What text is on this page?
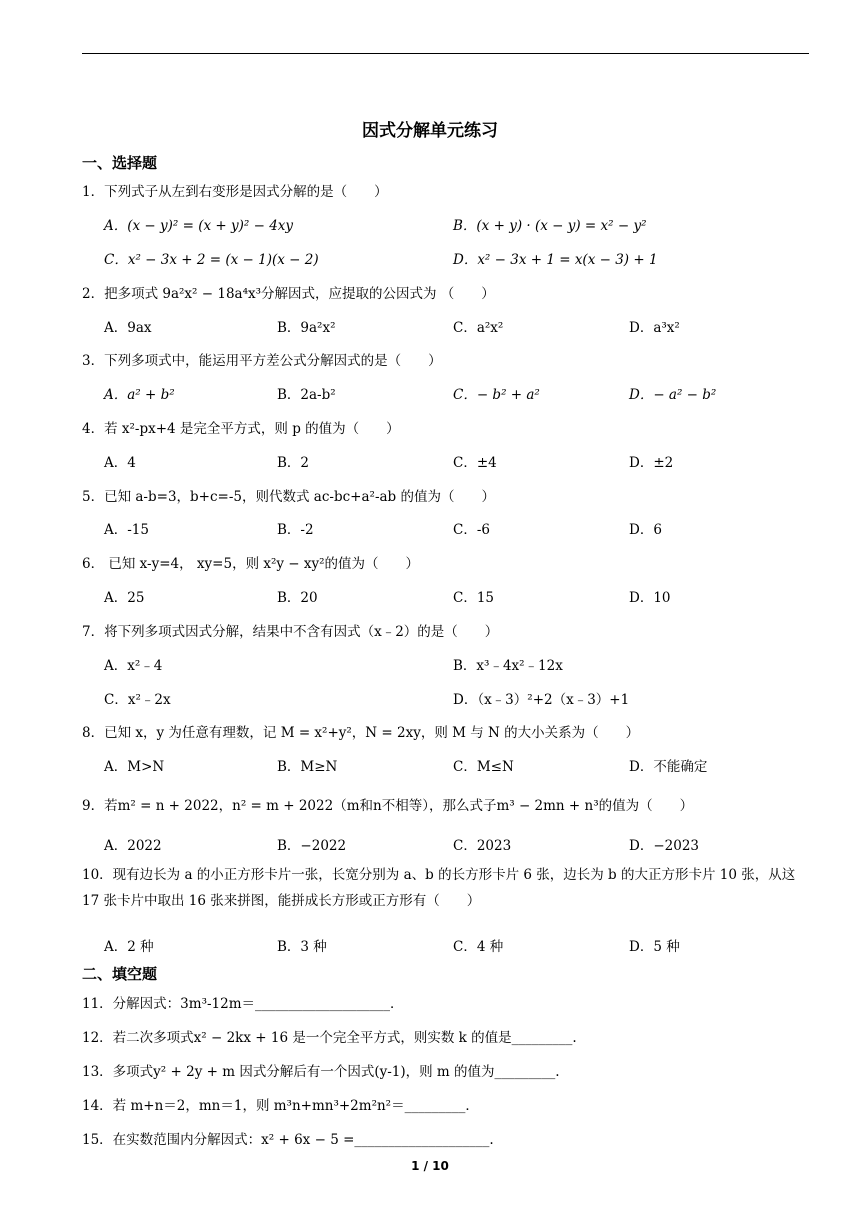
因式分解单元练习
一、选择题
1．下列式子从左到右变形是因式分解的是（　　）
A．(x − y)² = (x + y)² − 4xy	B．(x + y) · (x − y) = x² − y²
C．x² − 3x + 2 = (x − 1)(x − 2)	D．x² − 3x + 1 = x(x − 3) + 1
2．把多项式 9a²x² − 18a⁴x³分解因式，应提取的公因式为 （　　）
A．9ax	B．9a²x²	C．a²x²	D．a³x²
3．下列多项式中，能运用平方差公式分解因式的是（　　）
A．a² + b²	B．2a-b²	C．− b² + a²	D．− a² − b²
4．若 x²-px+4 是完全平方式，则 p 的值为（　　）
A．4	B．2	C．±4	D．±2
5．已知 a-b=3，b+c=-5，则代数式 ac-bc+a²-ab 的值为（　　）
A．-15	B．-2	C．-6	D．6
6． 已知 x-y=4， xy=5，则 x²y − xy²的值为（　　）
A．25	B．20	C．15	D．10
7．将下列多项式因式分解，结果中不含有因式（x﹣2）的是（　　）
A．x²﹣4	B．x³﹣4x²﹣12x
C．x²﹣2x	D．（x﹣3）²+2（x﹣3）+1
8．已知 x，y 为任意有理数，记 M = x²+y²，N = 2xy，则 M 与 N 的大小关系为（　　）
A．M>N	B．M≥N	C．M≤N	D．不能确定
9．若m² = n + 2022，n² = m + 2022（m和n不相等），那么式子m³ − 2mn + n³的值为（　　）
A．2022	B．−2022	C．2023	D．−2023
10．现有边长为 a 的小正方形卡片一张，长宽分别为 a、b 的长方形卡片 6 张，边长为 b 的大正方形卡片 10 张，从这 17 张卡片中取出 16 张来拼图，能拼成长方形或正方形有（　　）
A．2 种	B．3 种	C．4 种	D．5 种
二、填空题
11．分解因式：3m³-12m＝____________________．
12．若二次多项式x² − 2kx + 16 是一个完全平方式，则实数 k 的值是_________.
13．多项式y² + 2y + m 因式分解后有一个因式(y-1)，则 m 的值为_________.
14．若 m+n＝2，mn＝1，则 m³n+mn³+2m²n²＝_________．
15．在实数范围内分解因式：x² + 6x − 5 =____________________.
1 / 10
